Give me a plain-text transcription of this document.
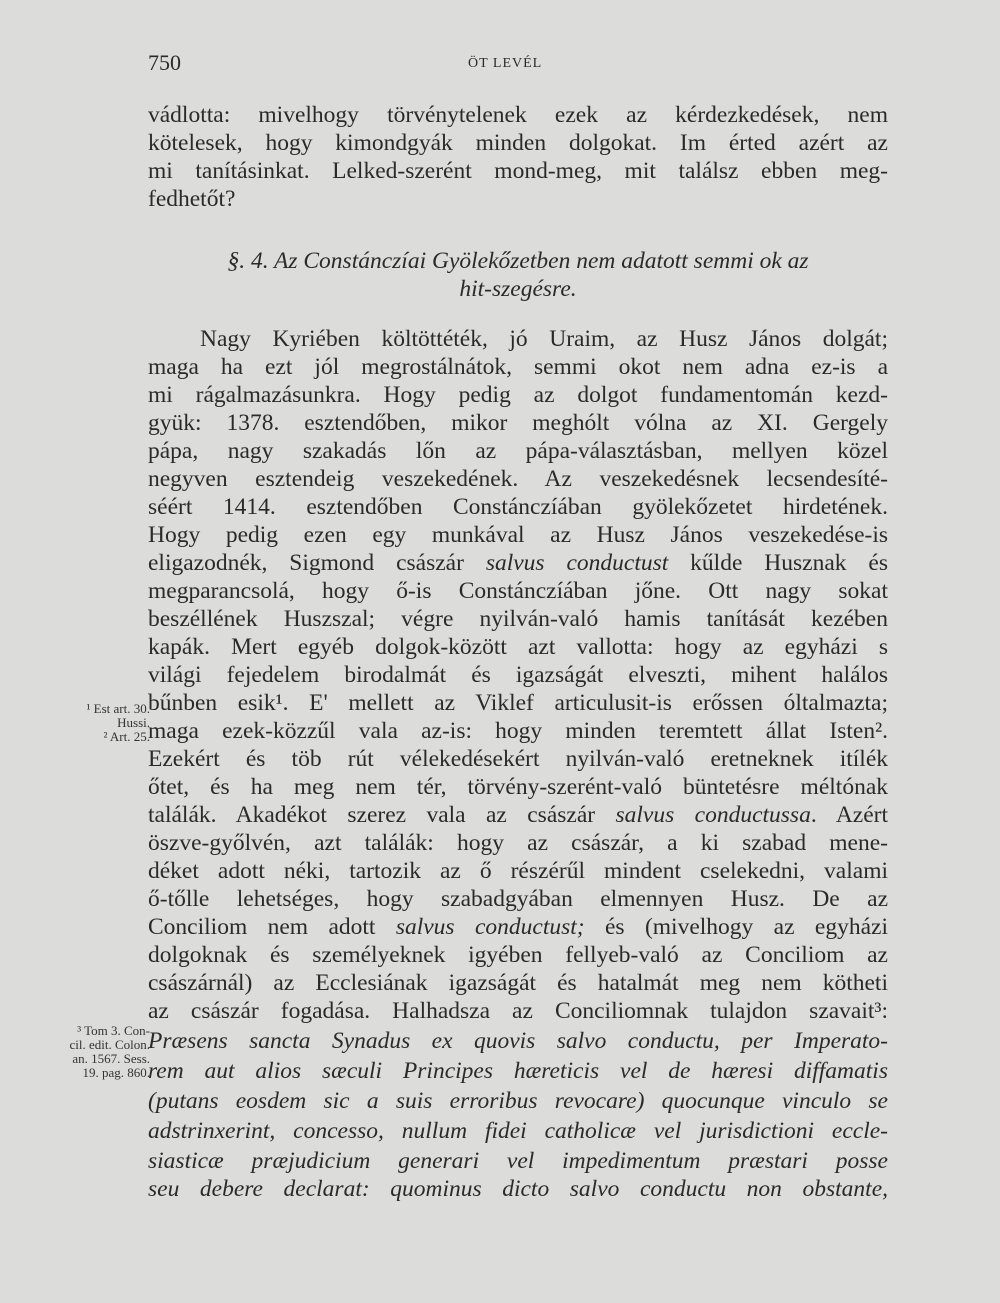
750	ÖT LEVÉL
vádlotta: mivelhogy törvénytelenek ezek az kérdezkedések, nem
kötelesek, hogy kimondgyák minden dolgokat. Im érted azért az
mi tanításinkat. Lelked-szerént mond-meg, mit találsz ebben meg-
fedhetőt?
§. 4. Az Constánczíai Gyölekőzetben nem adatott semmi ok az
hit-szegésre.
Nagy Kyriében költöttéték, jó Uraim, az Husz János dolgát;
maga ha ezt jól megrostálnátok, semmi okot nem adna ez-is a
mi rágalmazásunkra. Hogy pedig az dolgot fundamentomán kezd-
gyük: 1378. esztendőben, mikor meghólt vólna az XI. Gergely
pápa, nagy szakadás lőn az pápa-választásban, mellyen közel
negyven esztendeig veszekedének. Az veszekedésnek lecsendesíté-
séért 1414. esztendőben Constánczíában gyölekőzetet hirdetének.
Hogy pedig ezen egy munkával az Husz János veszekedése-is
eligazodnék, Sigmond császár salvus conductust kűlde Husznak és
megparancsolá, hogy ő-is Constánczíában jőne. Ott nagy sokat
beszéllének Huszszal; végre nyilván-való hamis tanítását kezében
kapák. Mert egyéb dolgok-között azt vallotta: hogy az egyházi s
világi fejedelem birodalmát és igazságát elveszti, mihent halálos
bűnben esik¹. E' mellett az Viklef articulusit-is erőssen óltalmazta;
maga ezek-közzűl vala az-is: hogy minden teremtett állat Isten².
Ezekért és töb rút vélekedésekért nyilván-való eretneknek itílék
őtet, és ha meg nem tér, törvény-szerént-való büntetésre méltónak
találák. Akadékot szerez vala az császár salvus conductussa. Azért
öszve-győlvén, azt találák: hogy az császár, a ki szabad mene-
déket adott néki, tartozik az ő részérűl mindent cselekedni, valami
ő-tőlle lehetséges, hogy szabadgyában elmennyen Husz. De az
Conciliom nem adott salvus conductust; és (mivelhogy az egyházi
dolgoknak és személyeknek igyében fellyeb-való az Conciliom az
császárnál) az Ecclesiának igazságát és hatalmát meg nem kötheti
az császár fogadása. Halhadsza az Conciliomnak tulajdon szavait³:
Præsens sancta Synadus ex quovis salvo conductu, per Imperato-
rem aut alios sæculi Principes hæreticis vel de hæresi diffamatis
(putans eosdem sic a suis erroribus revocare) quocunque vinculo se
adstrinxerint, concesso, nullum fidei catholicæ vel jurisdictioni eccle-
siasticæ præjudicium generari vel impedimentum præstari posse
seu debere declarat: quominus dicto salvo conductu non obstante,
¹ Est art. 30.
Hussi.
² Art. 25.
³ Tom 3. Con-
cil. edit. Colon.
an. 1567. Sess.
19. pag. 860.
